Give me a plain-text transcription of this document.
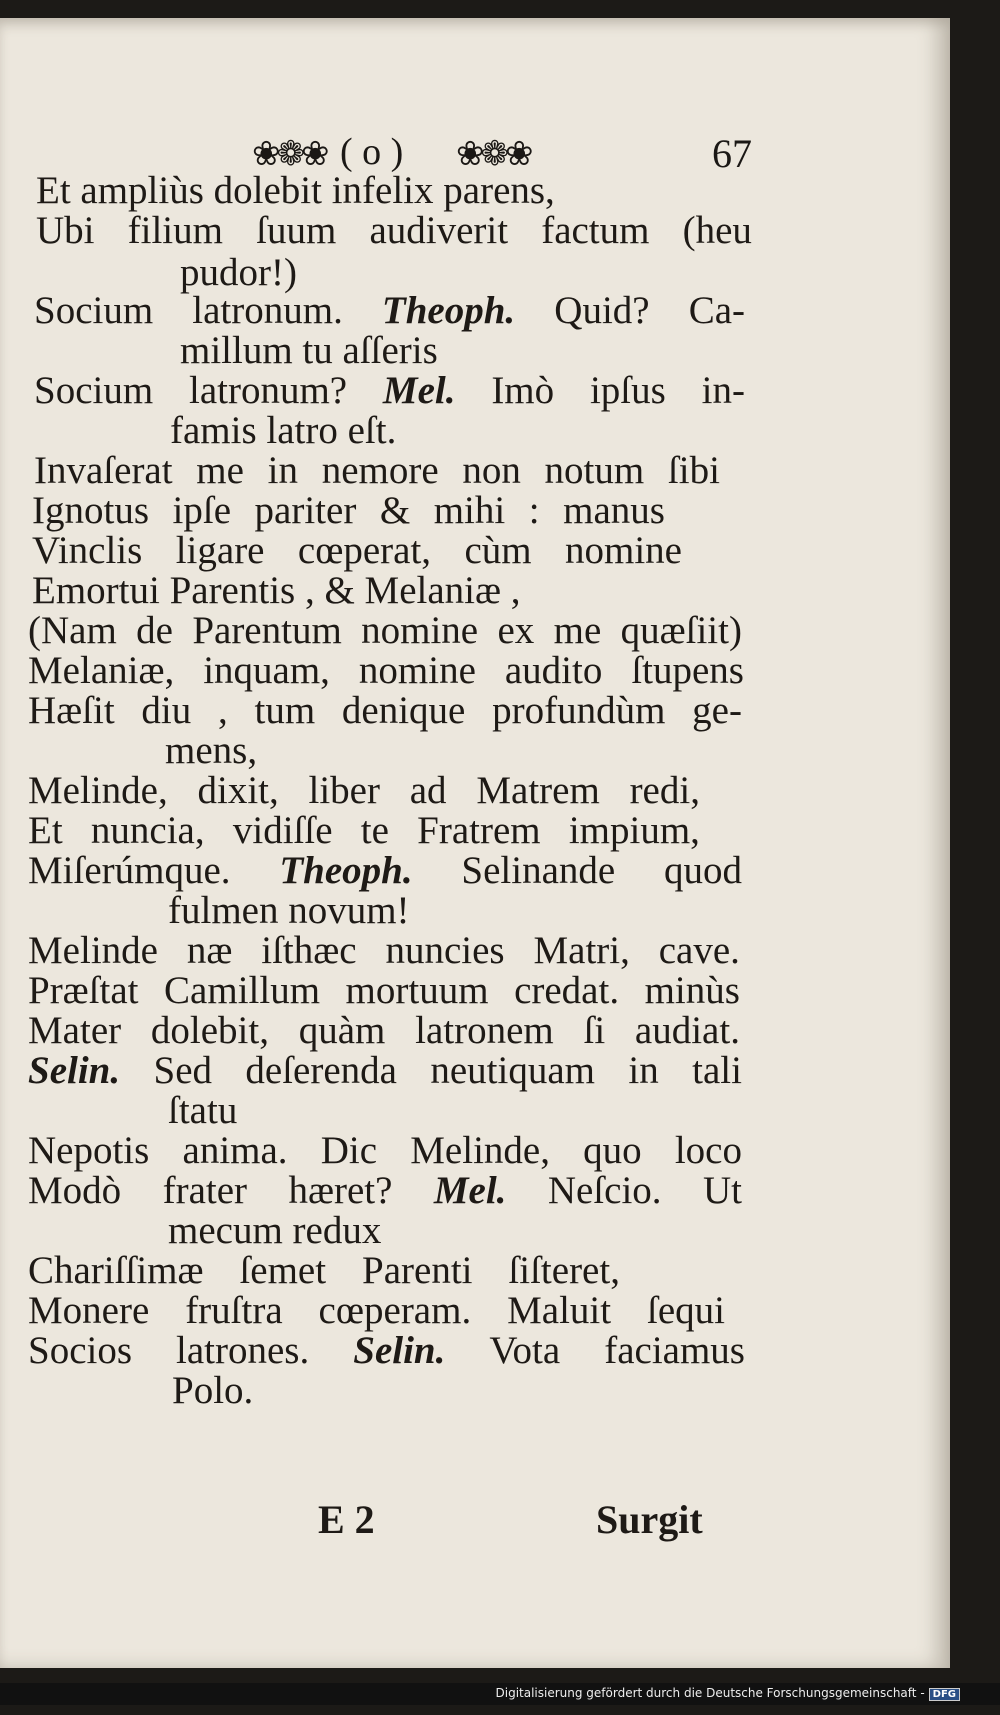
❀❁❀ ( o ) ❀❁❀	67
Et ampliùs dolebit infelix parens,
Ubi filium ſuum audiverit factum (heu
pudor!)
Socium latronum. Theoph. Quid? Ca-
millum tu aſſeris
Socium latronum? Mel. Imò ipſus in-
famis latro eſt.
Invaſerat me in nemore non notum ſibi
Ignotus ipſe pariter & mihi : manus
Vinclis ligare cœperat, cùm nomine
Emortui Parentis , & Melaniæ ,
(Nam de Parentum nomine ex me quæſiit)
Melaniæ, inquam, nomine audito ſtupens
Hæſit diu , tum denique profundùm ge-
mens,
Melinde, dixit, liber ad Matrem redi,
Et nuncia, vidiſſe te Fratrem impium,
Miſerúmque. Theoph. Selinande quod
fulmen novum!
Melinde næ iſthæc nuncies Matri, cave.
Præſtat Camillum mortuum credat. minùs
Mater dolebit, quàm latronem ſi audiat.
Selin. Sed deſerenda neutiquam in tali
ſtatu
Nepotis anima. Dic Melinde, quo loco
Modò frater hæret? Mel. Neſcio. Ut
mecum redux
Chariſſimæ ſemet Parenti ſiſteret,
Monere fruſtra cœperam. Maluit ſequi
Socios latrones. Selin. Vota faciamus
Polo.
E 2	Surgit
Digitalisierung gefördert durch die Deutsche Forschungsgemeinschaft - DFG
